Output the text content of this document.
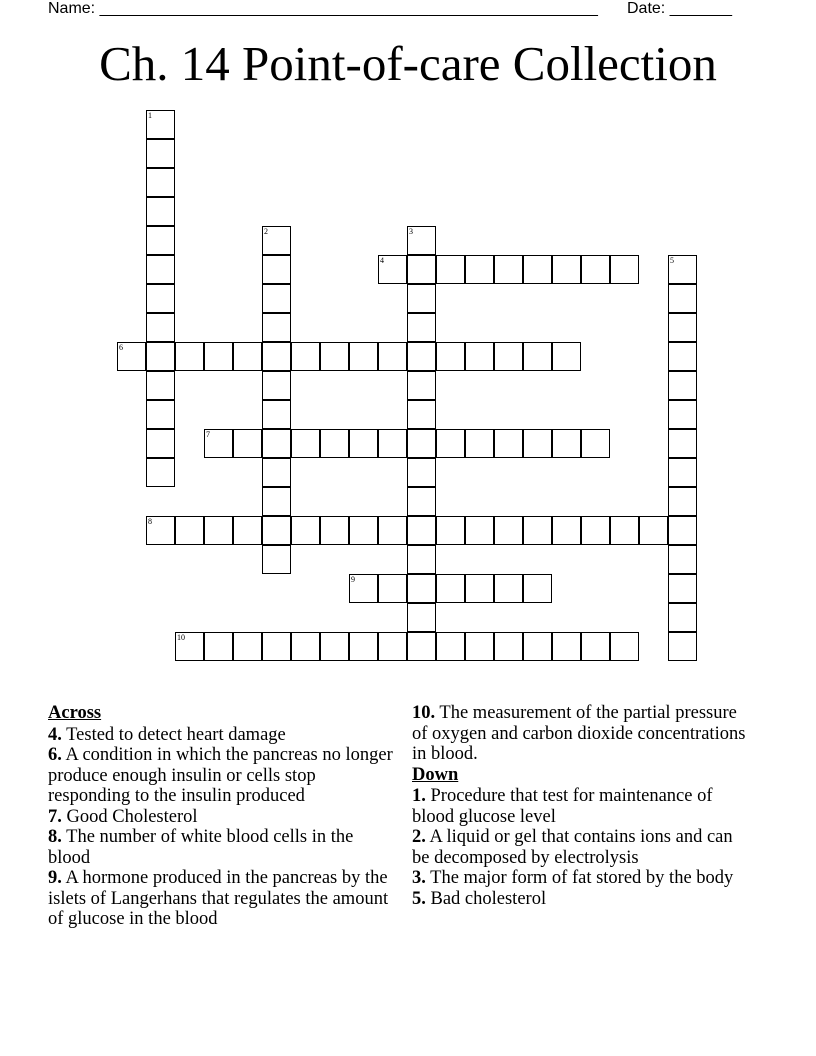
Name: ________________________________________________________ Date: _______
Ch. 14 Point-of-care Collection
1
2	3
4	5
6
7
8
9
10
Across
4. Tested to detect heart damage
6. A condition in which the pancreas no longer produce enough insulin or cells stop responding to the insulin produced
7. Good Cholesterol
8. The number of white blood cells in the blood
9. A hormone produced in the pancreas by the islets of Langerhans that regulates the amount of glucose in the blood
10. The measurement of the partial pressure of oxygen and carbon dioxide concentrations in blood.
Down
1. Procedure that test for maintenance of blood glucose level
2. A liquid or gel that contains ions and can be decomposed by electrolysis
3. The major form of fat stored by the body
5. Bad cholesterol
